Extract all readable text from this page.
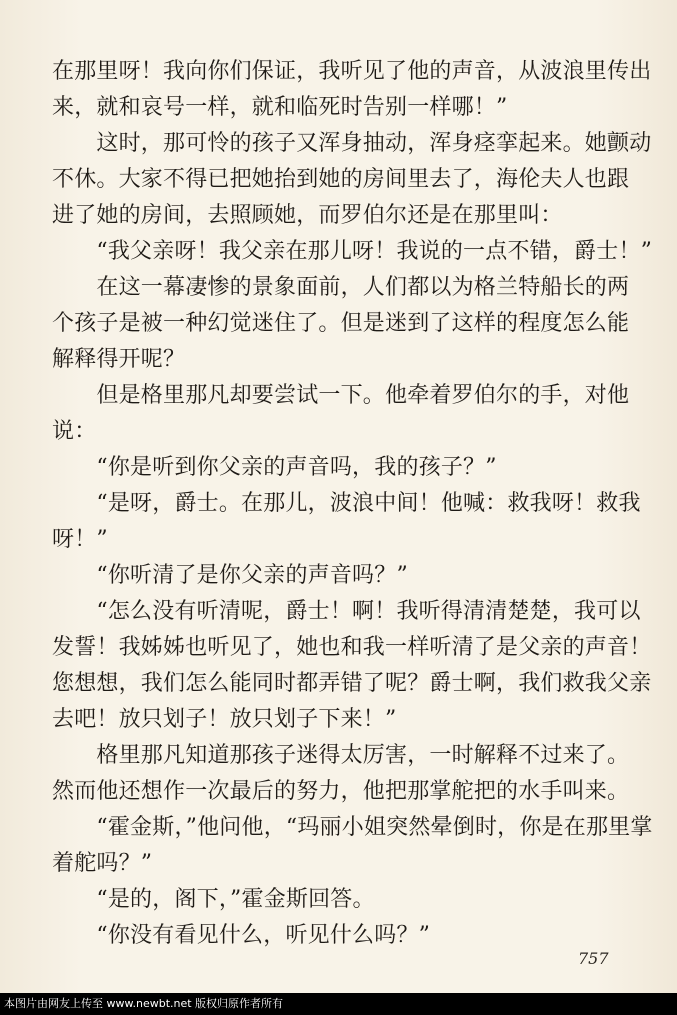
在那里呀！我向你们保证，我听见了他的声音，从波浪里传出
来，就和哀号一样，就和临死时告别一样哪！”
　　这时，那可怜的孩子又浑身抽动，浑身痉挛起来。她颤动
不休。大家不得已把她抬到她的房间里去了，海伦夫人也跟
进了她的房间，去照顾她，而罗伯尔还是在那里叫：
　　“我父亲呀！我父亲在那儿呀！我说的一点不错，爵士！”
　　在这一幕凄惨的景象面前，人们都以为格兰特船长的两
个孩子是被一种幻觉迷住了。但是迷到了这样的程度怎么能
解释得开呢？
　　但是格里那凡却要尝试一下。他牵着罗伯尔的手，对他
说：
　　“你是听到你父亲的声音吗，我的孩子？”
　　“是呀，爵士。在那儿，波浪中间！他喊：救我呀！救我
呀！”
　　“你听清了是你父亲的声音吗？”
　　“怎么没有听清呢，爵士！啊！我听得清清楚楚，我可以
发誓！我姊姊也听见了，她也和我一样听清了是父亲的声音！
您想想，我们怎么能同时都弄错了呢？爵士啊，我们救我父亲
去吧！放只划子！放只划子下来！”
　　格里那凡知道那孩子迷得太厉害，一时解释不过来了。
然而他还想作一次最后的努力，他把那掌舵把的水手叫来。
　　“霍金斯，”他问他，“玛丽小姐突然晕倒时，你是在那里掌
着舵吗？”
　　“是的，阁下，”霍金斯回答。
　　“你没有看见什么，听见什么吗？”
757
本图片由网友上传至 www.newbt.net 版权归原作者所有
